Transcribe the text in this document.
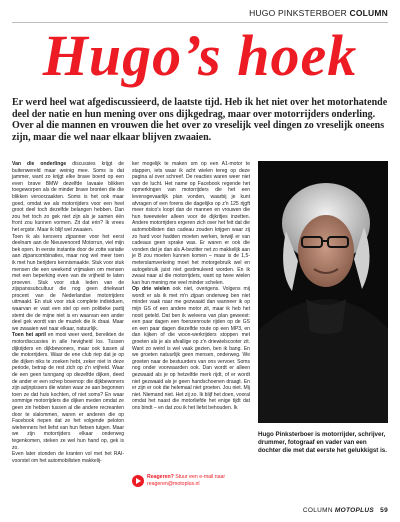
HUGO PINKSTERBOER COLUMN
Hugo’s hoek

Er werd heel wat afgediscussieerd, de laatste tijd. Heb ik het niet over het motorhatende deel der natie en hun mening over ons dijkgedrag, maar over motorrijders onderling. Over al die mannen en vrouwen die het over zo vreselijk veel dingen zo vreselijk oneens zijn, maar die wel naar elkaar blijven zwaaien.

Van die onderlinge discussies krijgt de buitenwereld maar weinig mee. Soms is dat jammer, want zo krijgt elke brave boerd op een even brave BMW dezelfde lavaaie blikken toegeworpen als de minder brave bronten die die blikken veroorzaakten. Soms is het ook maar goed, omdat we als motorrijders voor een heel groot deel toch dezelfde belangen hebben. Dan zou het toch zo gek niet zijn als je samen één front zou kunnen vormen. Zit dat erin? Ik vrees het ergste. Maar ik blijf wel zwaaien.

Toen ik als kersvers zijpanner voor het eerst deelnam aan de Nieuwenoord Motorrun, viel mijn bek open. In eerste instantie door de zotte variatie aan zijpancombinaties, maar nog wel meer toen ik met hun berijders kennismaakte. Stuk voor stuk mensen die een weekend vrijmaken om mensen met een beperking even van de vrijheid te laten proeven. Stuk voor stuk leden van de zijspanssubcultuur die nog geen driekwart procent van de Nederlandse motorrijders uitmaakt. En stuk voor stuk complete individuen, waarvan er vast een stel op een politieke partij stemt die de mijne niet is en waarvan een ander deel gek wordt van de muziek die ik draai. Maar we zwaaien wel naar elkaar, natuurlijk.

Toen het april en mooi weer werd, bereikten de motordiscussies in alle hevigheid los. Tussen dijkrijders en dijkbewoners, maar ook tussen al die motorrijders. Waar de ene club riep dat je op die dijken niks te zoeken hebt, zeker niet in deze periode, betrap de rest zich op z'n vrijheid. Waar de een geen tunngang op diezelfde dijken, deed de ander er een schep bovenop: die dijkbewoners zijn azijnpissers die wisten waar ze aan begonnen toen ze dat huis kochten, of niet soms? En waar sommige motorrijders die dijken meden omdat ze geen zin hebben tussen al die andere recreanten door te slalommen, waren er anderen die op Facebook riepen dat ze het volgende peloton wielrenners het liefst van hun fietsen tuigen. Maar we zijn motorrijders elkaar onderweg tegenkomen, steken ze wel hun hand op, gek is zo.

Even later stonden de kranten vol met het RAI-voorstel om het automobilisten makkelij-

ker mogelijk te maken om op een A1-motor te stappen, iets waar ik acht wielen tereg op deze pagina al over schreef. De reacties waren weer niet van de lucht. Het name op Facebook regende het opmerkingen van motorrijders die het een levensgevaarlijk plan vonden, waarbij je kunt afvragen of een forens die dagelijks op z'n 125 rijgft meer risico's loopt dan de mannen en vrouwen die hun tweewieler alleen voor de dijkritjes inzetten. Andere motorrijders ergeren zich over het feit dat die automobilisten dan cadeau zouden krijgen waar zij zo hard voor hadden moeten werken, terwijl er van cadeaus geen sprake was. Er waren er ook die vonden dat je dan als A-bezitter net zo makkelijk aan je B zou moeten kunnen komen – maar is de 1,5-meterslamverkeing moet het motorgebruik wel en autogebruik juist niet gestimuleerd worden. En ik zwaai naar al die motorrijders, want op twee wielen kan hun mening me veel minder schelen.

Op drie wielen ook niet, overigens. Volgens mij wordt er als ik met m'n zijpan onderweg ben niet minder vaak naar me gezwaaid dan wanneer ik op mijn GS of een andere motor zit, maar ik heb het nooit geteld. Dat ben ik weleens van plan geweest: een paar dagen een foenzenroute rijden op de GS en een paar dagen diezelfde route op een MP3, en dan kijken of die woon-werkrijders stoppen met groeten als je als afvallige op z'n driewielscooter zit. Want zo weird is wel vaak gezien, ben ik bang. En we groeten natuurlijk geen mensen, onderweg. We groeten naar de bestuurders van ons vervoer. Soms nog onder voorwaarden ook. Dan wordt er alleen gezwaaid als je op hetzelfde merk rijdt, of er wordt niet gezwaaid als je geen handschoenen draagt. En er zijn er ook die helemaal niet groeten. Jou niet. Mij niet. Niemand niet. Het zij zo. Ik blijf het doen, vooral omdat het naast die motorliefde het enige tijdt dat ons bindt – en dat zou ik het liefst behouden. Ik

Reageren? Stuur een e-mail naar reageren@motoplus.nl

Hugo Pinksterboer is motorrijder, schrijver, drummer, fotograaf en vader van een dochter die met dat eerste het gelukkigst is.

COLUMN MOTOPLUS 59
